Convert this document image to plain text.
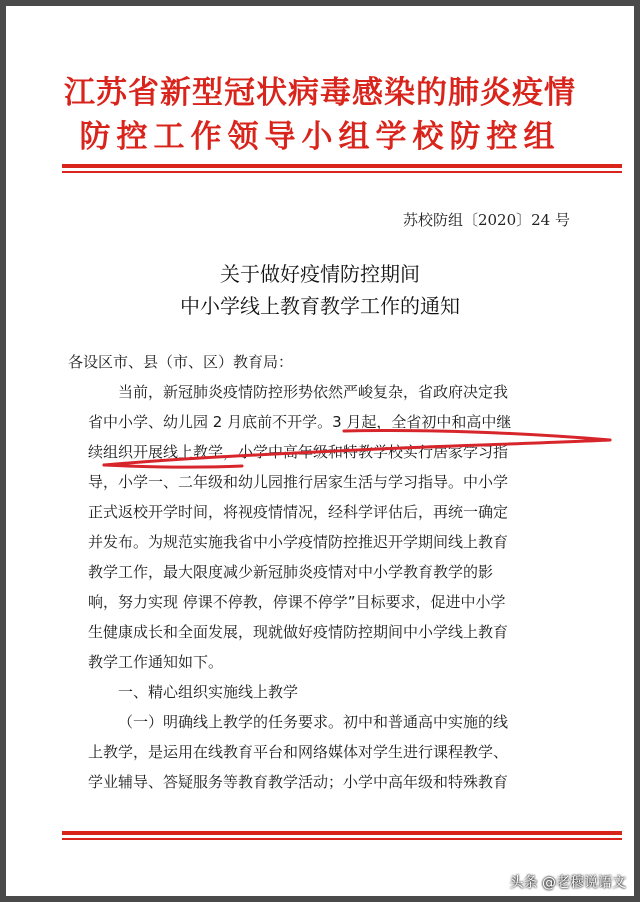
江苏省新型冠状病毒感染的肺炎疫情
防控工作领导小组学校防控组
苏校防组〔2020〕24 号
关于做好疫情防控期间
中小学线上教育教学工作的通知
各设区市、县（市、区）教育局：
当前，新冠肺炎疫情防控形势依然严峻复杂，省政府决定我
省中小学、幼儿园 2 月底前不开学。3 月起，全省初中和高中继
续组织开展线上教学，小学中高年级和特教学校实行居家学习指
导，小学一、二年级和幼儿园推行居家生活与学习指导。中小学
正式返校开学时间，将视疫情情况，经科学评估后，再统一确定
并发布。为规范实施我省中小学疫情防控推迟开学期间线上教育
教学工作，最大限度减少新冠肺炎疫情对中小学教育教学的影
响，努力实现 停课不停教，停课不停学”目标要求，促进中小学
生健康成长和全面发展，现就做好疫情防控期间中小学线上教育
教学工作通知如下。
一、精心组织实施线上教学
（一）明确线上教学的任务要求。初中和普通高中实施的线
上教学，是运用在线教育平台和网络媒体对学生进行课程教学、
学业辅导、答疑服务等教育教学活动；小学中高年级和特殊教育
头条 @老穆说语文
